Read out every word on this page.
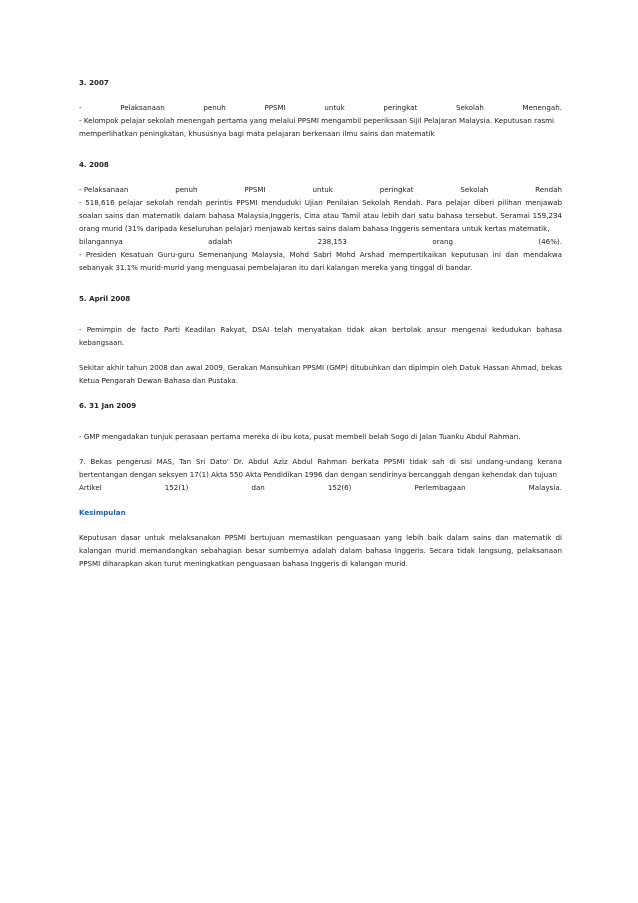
3. 2007
-	Pelaksanaan	penuh	PPSMI	untuk	peringkat	Sekolah	Menengah.
- Kelompok pelajar sekolah menengah pertama yang melalui PPSMI mengambil peperiksaan Sijil Pelajaran Malaysia. Keputusan rasmi memperlihatkan peningkatan, khususnya bagi mata pelajaran berkenaan ilmu sains dan matematik
4. 2008
- Pelaksanaan	penuh	PPSMI	untuk	peringkat	Sekolah	Rendah
- 518,616 pelajar sekolah rendah perintis PPSMI menduduki Ujian Penilaian Sekolah Rendah. Para pelajar diberi pilihan menjawab soalan sains dan matematik dalam bahasa Malaysia,Inggeris, Cina atau Tamil atau lebih dari satu bahasa tersebut. Seramai 159,234 orang murid (31% daripada keseluruhan pelajar) menjawab kertas sains dalam bahasa Inggeris sementara untuk kertas matematik,
bilangannya	adalah	238,153	orang	(46%).
- Presiden Kesatuan Guru-guru Semenanjung Malaysia, Mohd Sabri Mohd Arshad mempertikaikan keputusan ini dan mendakwa sebanyak 31.1% murid-murid yang menguasai pembelajaran itu dari kalangan mereka yang tinggal di bandar.
5. April 2008
- Pemimpin de facto Parti Keadilan Rakyat, DSAI telah menyatakan tidak akan bertolak ansur mengenai kedudukan bahasa kebangsaan.
Sekitar akhir tahun 2008 dan awal 2009, Gerakan Mansuhkan PPSMI (GMP) ditubuhkan dan dipimpin oleh Datuk Hassan Ahmad, bekas Ketua Pengarah Dewan Bahasa dan Pustaka.
6. 31 Jan 2009
- GMP mengadakan tunjuk perasaan pertama mereka di ibu kota, pusat membeli belah Sogo di Jalan Tuanku Abdul Rahman.
7. Bekas pengerusi MAS, Tan Sri Dato' Dr. Abdul Aziz Abdul Rahman berkata PPSMI tidak sah di sisi undang-undang kerana bertentangan dengan seksyen 17(1) Akta 550 Akta Pendidikan 1996 dan dengan sendirinya bercanggah dengan kehendak dan tujuan
Artikel	152(1)	dan	152(6)	Perlembagaan	Malaysia.
Kesimpulan
Keputusan dasar untuk melaksanakan PPSMI bertujuan memastikan penguasaan yang lebih baik dalam sains dan matematik di kalangan murid memandangkan sebahagian besar sumbernya adalah dalam bahasa Inggeris. Secara tidak langsung, pelaksanaan PPSMI diharapkan akan turut meningkatkan penguasaan bahasa Inggeris di kalangan murid.
